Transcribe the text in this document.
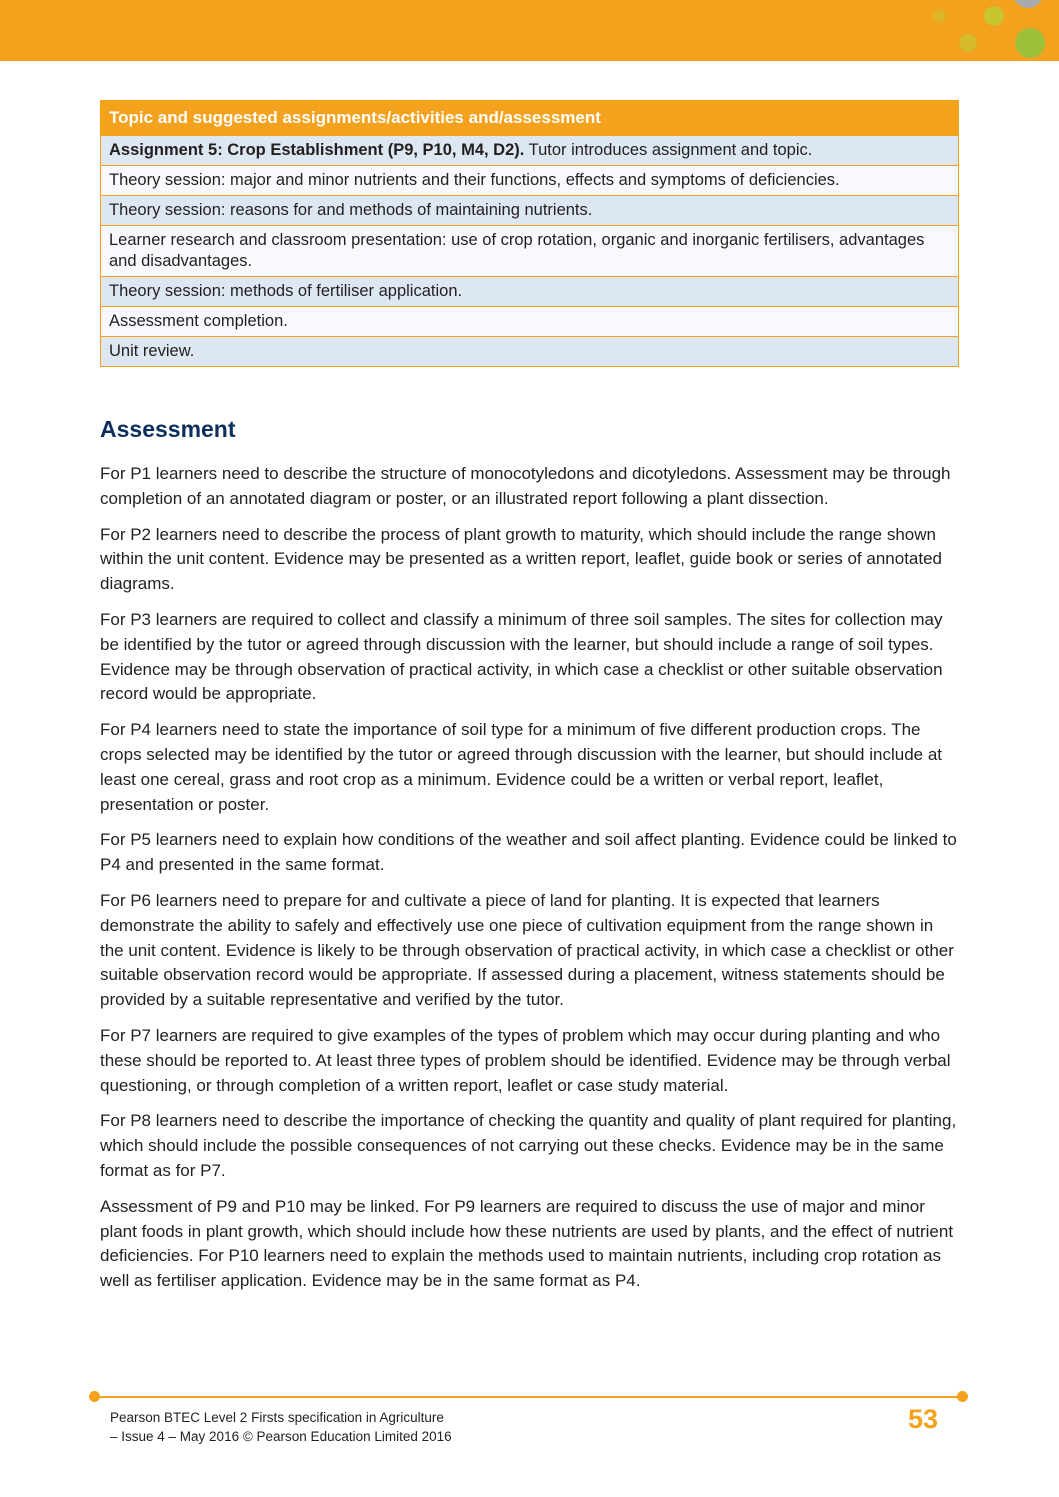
Topic and suggested assignments/activities and/assessment
Assignment 5: Crop Establishment (P9, P10, M4, D2). Tutor introduces assignment and topic.
Theory session: major and minor nutrients and their functions, effects and symptoms of deficiencies.
Theory session: reasons for and methods of maintaining nutrients.
Learner research and classroom presentation: use of crop rotation, organic and inorganic fertilisers, advantages and disadvantages.
Theory session: methods of fertiliser application.
Assessment completion.
Unit review.
Assessment

For P1 learners need to describe the structure of monocotyledons and dicotyledons. Assessment may be through completion of an annotated diagram or poster, or an illustrated report following a plant dissection.

For P2 learners need to describe the process of plant growth to maturity, which should include the range shown within the unit content. Evidence may be presented as a written report, leaflet, guide book or series of annotated diagrams.

For P3 learners are required to collect and classify a minimum of three soil samples. The sites for collection may be identified by the tutor or agreed through discussion with the learner, but should include a range of soil types. Evidence may be through observation of practical activity, in which case a checklist or other suitable observation record would be appropriate.

For P4 learners need to state the importance of soil type for a minimum of five different production crops. The crops selected may be identified by the tutor or agreed through discussion with the learner, but should include at least one cereal, grass and root crop as a minimum. Evidence could be a written or verbal report, leaflet, presentation or poster.

For P5 learners need to explain how conditions of the weather and soil affect planting. Evidence could be linked to P4 and presented in the same format.

For P6 learners need to prepare for and cultivate a piece of land for planting. It is expected that learners demonstrate the ability to safely and effectively use one piece of cultivation equipment from the range shown in the unit content. Evidence is likely to be through observation of practical activity, in which case a checklist or other suitable observation record would be appropriate. If assessed during a placement, witness statements should be provided by a suitable representative and verified by the tutor.

For P7 learners are required to give examples of the types of problem which may occur during planting and who these should be reported to. At least three types of problem should be identified. Evidence may be through verbal questioning, or through completion of a written report, leaflet or case study material.

For P8 learners need to describe the importance of checking the quantity and quality of plant required for planting, which should include the possible consequences of not carrying out these checks. Evidence may be in the same format as for P7.

Assessment of P9 and P10 may be linked. For P9 learners are required to discuss the use of major and minor plant foods in plant growth, which should include how these nutrients are used by plants, and the effect of nutrient deficiencies. For P10 learners need to explain the methods used to maintain nutrients, including crop rotation as well as fertiliser application. Evidence may be in the same format as P4.

Pearson BTEC Level 2 Firsts specification in Agriculture
– Issue 4 – May 2016 © Pearson Education Limited 2016
53
